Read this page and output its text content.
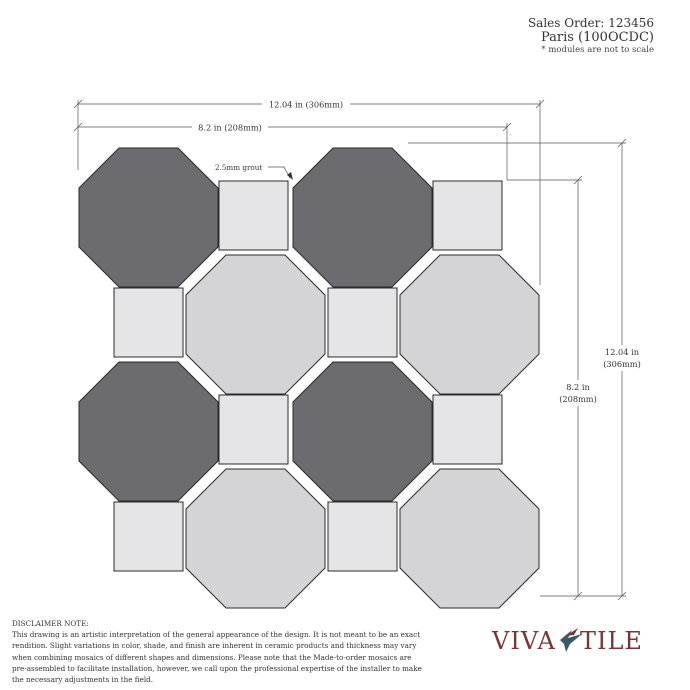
Sales Order: 123456
Paris (100OCDC)
* modules are not to scale
12.04 in (306mm)
8.2 in (208mm)
2.5mm grout
12.04 in
(306mm)
8.2 in
(208mm)
DISCLAIMER NOTE:
This drawing is an artistic interpretation of the general appearance of the design. It is not meant to be an exact
rendition. Slight variations in color, shade, and finish are inherent in ceramic products and thickness may vary
when combining mosaics of different shapes and dimensions. Please note that the Made-to-order mosaics are
pre-assembled to facilitate installation, however, we call upon the professional expertise of the installer to make
the necessary adjustments in the field.
VIVA TILE
